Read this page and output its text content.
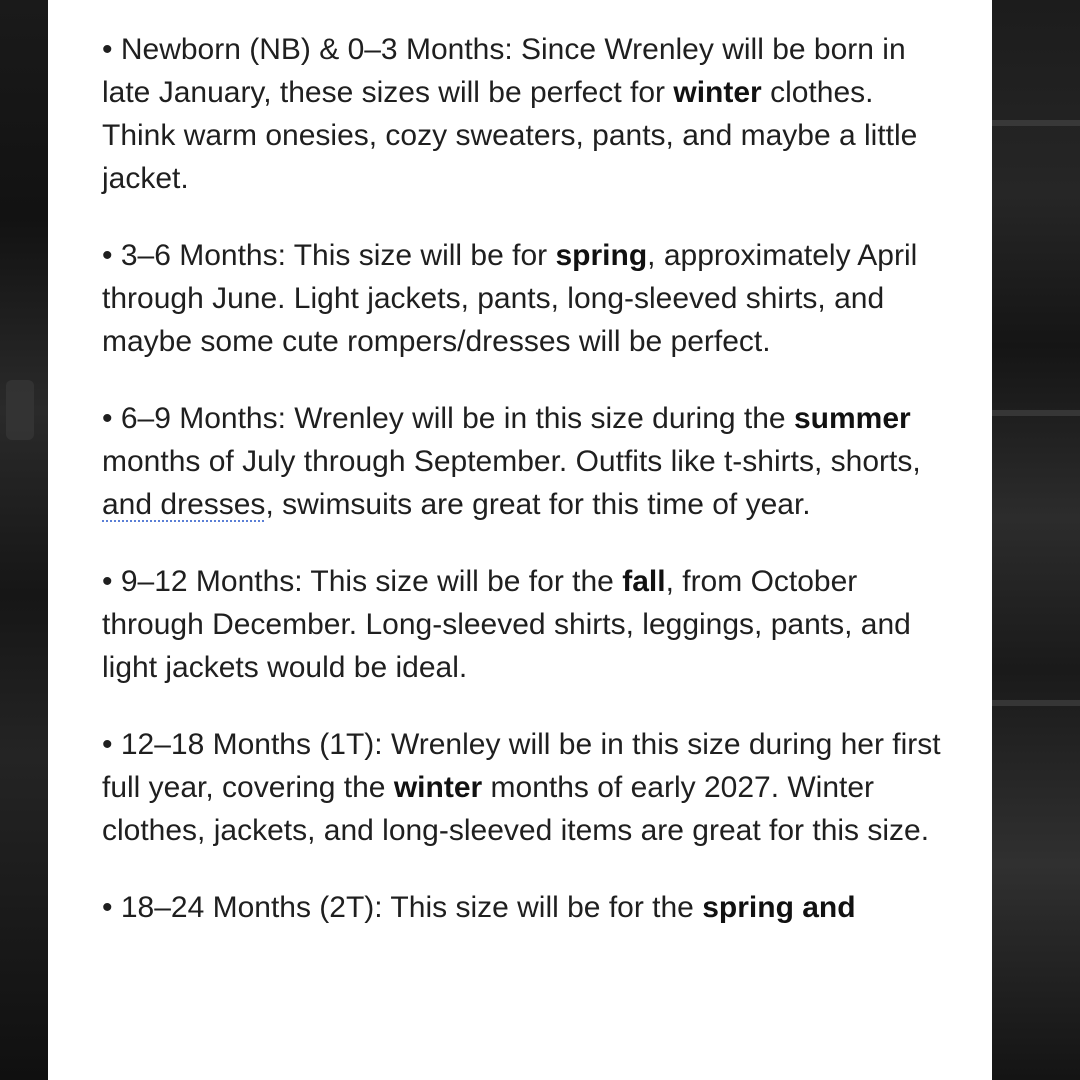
• Newborn (NB) & 0–3 Months: Since Wrenley will be born in late January, these sizes will be perfect for winter clothes. Think warm onesies, cozy sweaters, pants, and maybe a little jacket.

• 3–6 Months: This size will be for spring, approximately April through June. Light jackets, pants, long-sleeved shirts, and maybe some cute rompers/dresses will be perfect.

• 6–9 Months: Wrenley will be in this size during the summer months of July through September. Outfits like t-shirts, shorts, and dresses, swimsuits are great for this time of year.

• 9–12 Months: This size will be for the fall, from October through December. Long-sleeved shirts, leggings, pants, and light jackets would be ideal.

• 12–18 Months (1T): Wrenley will be in this size during her first full year, covering the winter months of early 2027. Winter clothes, jackets, and long-sleeved items are great for this size.

• 18–24 Months (2T): This size will be for the spring and
